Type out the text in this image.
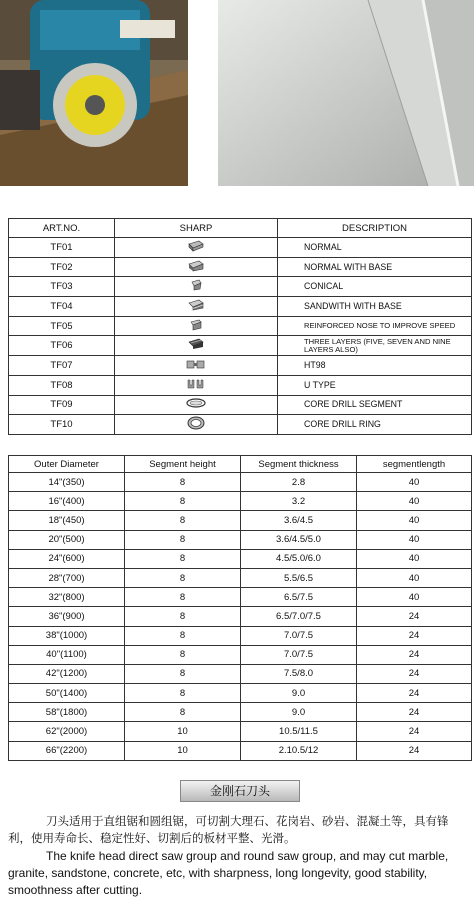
ART.NO.	SHARP	DESCRIPTION
TF01		NORMAL
TF02		NORMAL WITH BASE
TF03		CONICAL
TF04		SANDWITH WITH BASE
TF05		REINFORCED NOSE TO IMPROVE SPEED
TF06		THREE LAYERS (FIVE, SEVEN AND NINE LAYERS ALSO)
TF07		HT98
TF08		U TYPE
TF09		CORE DRILL SEGMENT
TF10		CORE DRILL RING
Outer Diameter	Segment height	Segment thickness	segmentlength
14"(350)	8	2.8	40
16"(400)	8	3.2	40
18"(450)	8	3.6/4.5	40
20"(500)	8	3.6/4.5/5.0	40
24"(600)	8	4.5/5.0/6.0	40
28"(700)	8	5.5/6.5	40
32"(800)	8	6.5/7.5	40
36"(900)	8	6.5/7.0/7.5	24
38"(1000)	8	7.0/7.5	24
40"(1100)	8	7.0/7.5	24
42"(1200)	8	7.5/8.0	24
50"(1400)	8	9.0	24
58"(1800)	8	9.0	24
62"(2000)	10	10.5/11.5	24
66"(2200)	10	2.10.5/12	24
金刚石刀头
刀头适用于直组锯和圆组锯，可切割大理石、花岗岩、砂岩、混凝土等，具有锋利，使用寿命长、稳定性好、切割后的板材平整、光滑。
The knife head direct saw group and round saw group, and may cut marble, granite, sandstone, concrete, etc, with sharpness, long longevity, good stability, smoothness after cutting.
